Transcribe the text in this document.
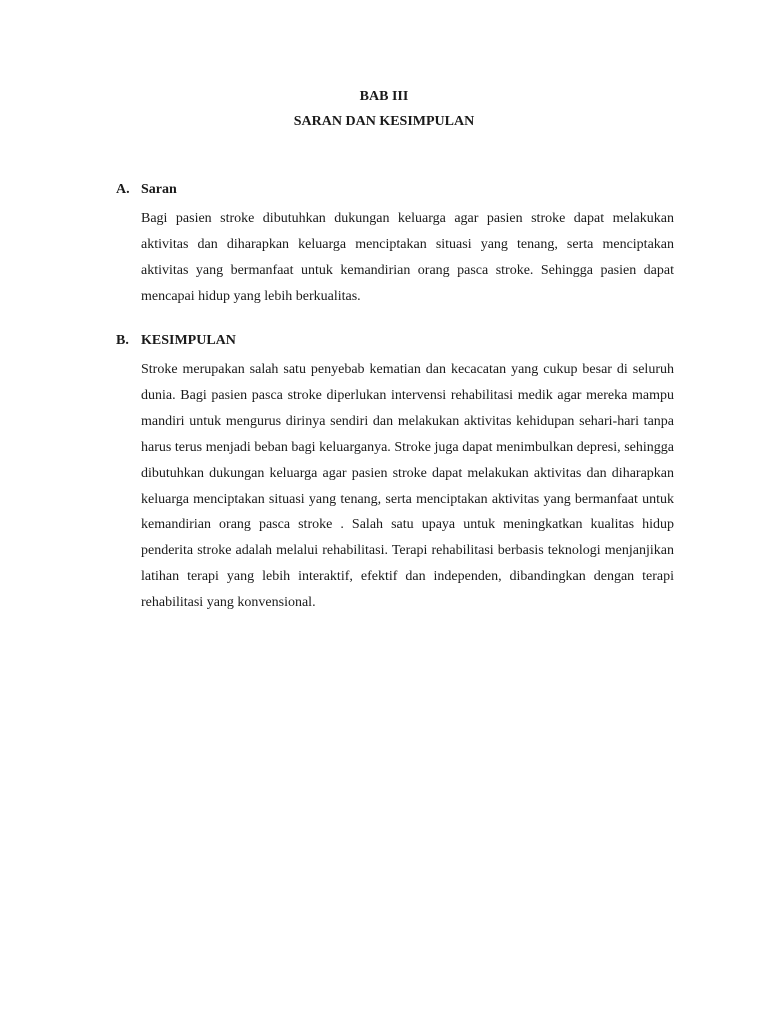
BAB III
SARAN DAN KESIMPULAN
A. Saran

Bagi pasien stroke dibutuhkan dukungan keluarga agar pasien stroke dapat melakukan aktivitas dan diharapkan keluarga menciptakan situasi yang tenang, serta menciptakan aktivitas yang bermanfaat untuk kemandirian orang pasca stroke. Sehingga pasien dapat mencapai hidup yang lebih berkualitas.

B. KESIMPULAN

Stroke merupakan salah satu penyebab kematian dan kecacatan yang cukup besar di seluruh dunia. Bagi pasien pasca stroke diperlukan intervensi rehabilitasi medik agar mereka mampu mandiri untuk mengurus dirinya sendiri dan melakukan aktivitas kehidupan sehari-hari tanpa harus terus menjadi beban bagi keluarganya. Stroke juga dapat menimbulkan depresi, sehingga dibutuhkan dukungan keluarga agar pasien stroke dapat melakukan aktivitas dan diharapkan keluarga menciptakan situasi yang tenang, serta menciptakan aktivitas yang bermanfaat untuk kemandirian orang pasca stroke . Salah satu upaya untuk meningkatkan kualitas hidup penderita stroke adalah melalui rehabilitasi. Terapi rehabilitasi berbasis teknologi menjanjikan latihan terapi yang lebih interaktif, efektif dan independen, dibandingkan dengan terapi rehabilitasi yang konvensional.
